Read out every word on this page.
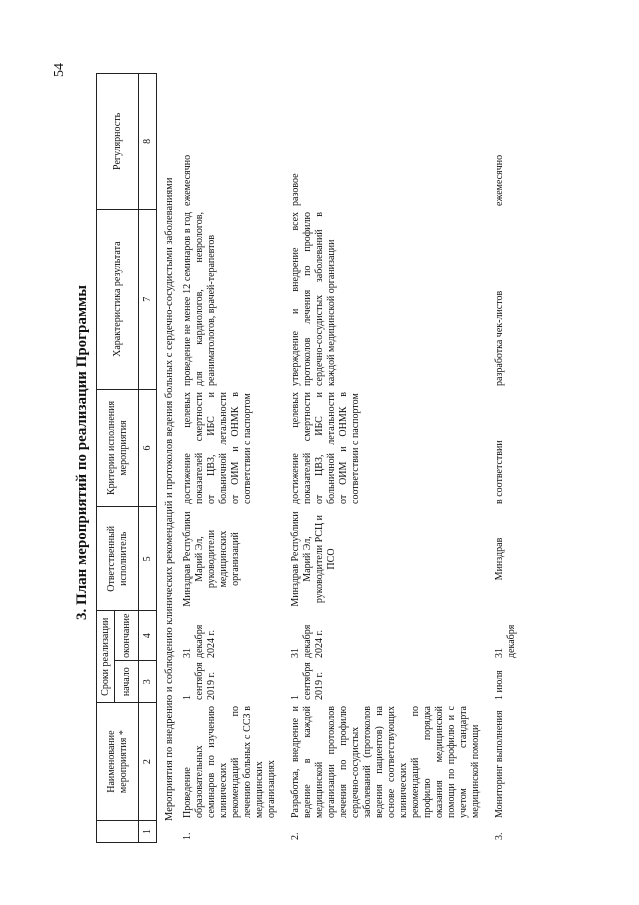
54
3. План мероприятий по реализации Программы
Наименование мероприятия *
Сроки реализации	начало
окончание
Ответственный исполнитель
Критерии исполнения мероприятия
Характеристика результата
Регулярность
1
2
3
4
5
6
7
8
Мероприятия по внедрению и соблюдению клинических рекомендаций и протоколов ведения больных с сердечно-сосудистыми заболеваниями
1.
Проведение образовательных семинаров по изучению клинических рекомендаций по лечению больных с ССЗ в медицинских организациях
1 сентября 2019 г.
31 декабря 2024 г.
Минздрав Республики Марий Эл, руководители медицинских организаций
достижение целевых показателей смертности от ЦВЗ, ИБС и больничной летальности от ОИМ и ОНМК в соответствии с паспортом
проведение не менее 12 семинаров в год для кардиологов, неврологов, реаниматологов, врачей-терапевтов
ежемесячно
2.
Разработка, внедрение и ведение в каждой медицинской организации протоколов лечения по профилю сердечно-сосудистых заболеваний (протоколов ведения пациентов) на основе соответствующих клинических рекомендаций по профилю порядка оказания медицинской помощи по профилю и с учетом стандарта медицинской помощи
1 сентября 2019 г.
31 декабря 2024 г.
Минздрав Республики Марий Эл, руководители РСЦ и ПСО
достижение целевых показателей смертности от ЦВЗ, ИБС и больничной летальности от ОИМ и ОНМК в соответствии с паспортом
утверждение и внедрение всех протоколов лечения по профилю сердечно-сосудистых заболеваний в каждой медицинской организации
разовое
3.
Мониторинг выполнения
1 июля
31 декабря
Минздрав
в соответствии
разработка чек-листов
ежемесячно
